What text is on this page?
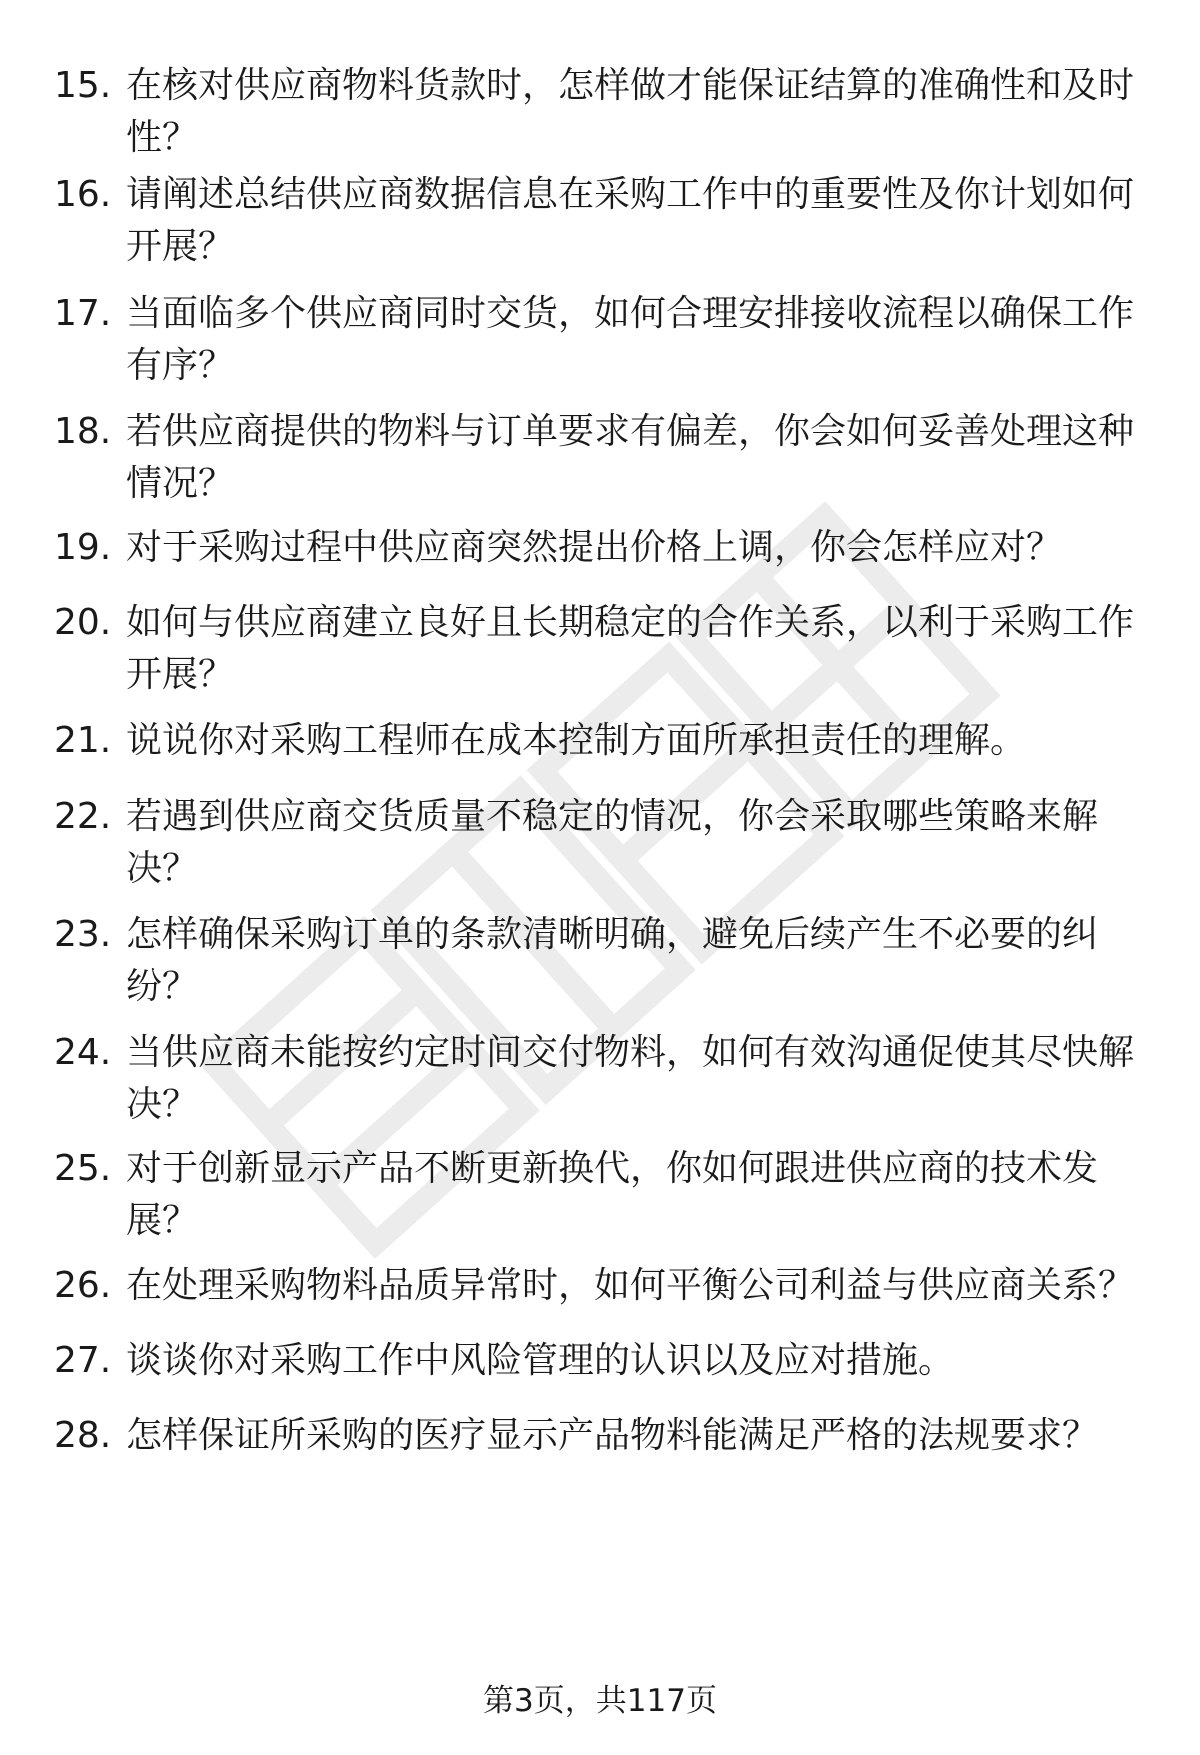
15. 在核对供应商物料货款时，怎样做才能保证结算的准确性和及时性？
16. 请阐述总结供应商数据信息在采购工作中的重要性及你计划如何开展？
17. 当面临多个供应商同时交货，如何合理安排接收流程以确保工作有序？
18. 若供应商提供的物料与订单要求有偏差，你会如何妥善处理这种情况？
19. 对于采购过程中供应商突然提出价格上调，你会怎样应对？
20. 如何与供应商建立良好且长期稳定的合作关系，以利于采购工作开展？
21. 说说你对采购工程师在成本控制方面所承担责任的理解。
22. 若遇到供应商交货质量不稳定的情况，你会采取哪些策略来解决？
23. 怎样确保采购订单的条款清晰明确，避免后续产生不必要的纠纷？
24. 当供应商未能按约定时间交付物料，如何有效沟通促使其尽快解决？
25. 对于创新显示产品不断更新换代，你如何跟进供应商的技术发展？
26. 在处理采购物料品质异常时，如何平衡公司利益与供应商关系？
27. 谈谈你对采购工作中风险管理的认识以及应对措施。
28. 怎样保证所采购的医疗显示产品物料能满足严格的法规要求？
第3页，共117页
